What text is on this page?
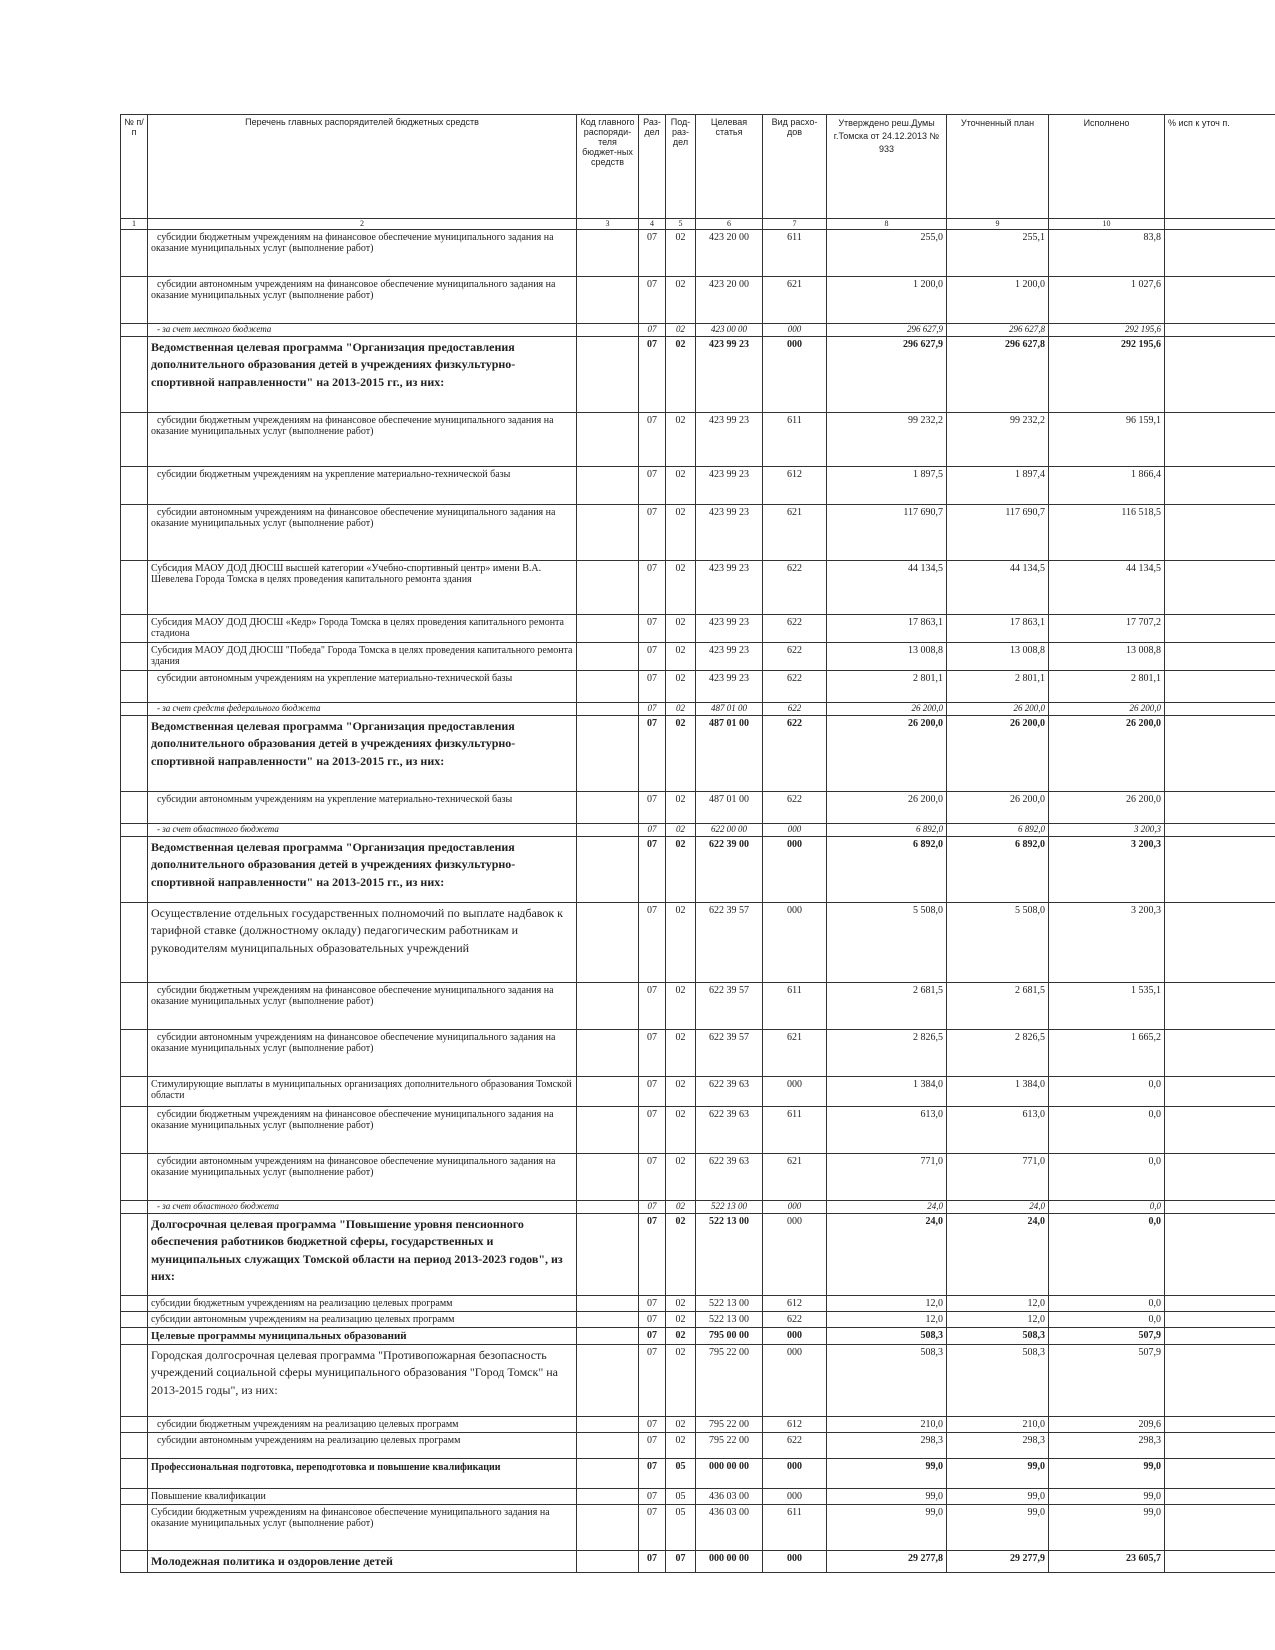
№ п/п	Перечень главных распорядителей бюджетных средств	Код главного распоряди-теля бюджет-ных средств	Раз-дел	Под-раз-дел	Целевая статья	Вид расхо-дов	Утверждено реш.Думы г.Томска от 24.12.2013 № 933	Уточненный план	Исполнено	% исп к уточ п.
1	2	3	4	5	6	7	8	9	10	
	субсидии бюджетным учреждениям на финансовое обеспечение муниципального задания на оказание муниципальных услуг (выполнение работ)		07	02	423 20 00	611	255,0	255,1	83,8	
	субсидии автономным учреждениям на финансовое обеспечение муниципального задания на оказание муниципальных услуг (выполнение работ)		07	02	423 20 00	621	1 200,0	1 200,0	1 027,6	
	- за счет местного бюджета		07	02	423 00 00	000	296 627,9	296 627,8	292 195,6	
	Ведомственная целевая программа "Организация предоставления дополнительного образования детей в учреждениях физкультурно-спортивной направленности" на 2013-2015 гг., из них:		07	02	423 99 23	000	296 627,9	296 627,8	292 195,6	
	субсидии бюджетным учреждениям на финансовое обеспечение муниципального задания на оказание муниципальных услуг (выполнение работ)		07	02	423 99 23	611	99 232,2	99 232,2	96 159,1	
	субсидии бюджетным учреждениям на укрепление материально-технической базы		07	02	423 99 23	612	1 897,5	1 897,4	1 866,4	
	субсидии автономным учреждениям на финансовое обеспечение муниципального задания на оказание муниципальных услуг (выполнение работ)		07	02	423 99 23	621	117 690,7	117 690,7	116 518,5	
	Субсидия МАОУ ДОД ДЮСШ высшей категории «Учебно-спортивный центр» имени В.А. Шевелева Города Томска в целях проведения капитального ремонта здания		07	02	423 99 23	622	44 134,5	44 134,5	44 134,5	
	Субсидия МАОУ ДОД ДЮСШ «Кедр» Города Томска в целях проведения капитального ремонта стадиона		07	02	423 99 23	622	17 863,1	17 863,1	17 707,2	
	Субсидия МАОУ ДОД ДЮСШ "Победа" Города Томска в целях проведения капитального ремонта здания		07	02	423 99 23	622	13 008,8	13 008,8	13 008,8	
	субсидии автономным учреждениям на укрепление материально-технической базы		07	02	423 99 23	622	2 801,1	2 801,1	2 801,1	
	- за счет средств федерального бюджета		07	02	487 01 00	622	26 200,0	26 200,0	26 200,0	
	Ведомственная целевая программа "Организация предоставления дополнительного образования детей в учреждениях физкультурно-спортивной направленности" на 2013-2015 гг., из них:		07	02	487 01 00	622	26 200,0	26 200,0	26 200,0	
	субсидии автономным учреждениям на укрепление материально-технической базы		07	02	487 01 00	622	26 200,0	26 200,0	26 200,0	
	- за счет областного бюджета		07	02	622 00 00	000	6 892,0	6 892,0	3 200,3	
	Ведомственная целевая программа "Организация предоставления дополнительного образования детей в учреждениях физкультурно-спортивной направленности" на 2013-2015 гг., из них:		07	02	622 39 00	000	6 892,0	6 892,0	3 200,3	
	Осуществление отдельных государственных полномочий по выплате надбавок к тарифной ставке (должностному окладу) педагогическим работникам и руководителям муниципальных образовательных учреждений		07	02	622 39 57	000	5 508,0	5 508,0	3 200,3	
	субсидии бюджетным учреждениям на финансовое обеспечение муниципального задания на оказание муниципальных услуг (выполнение работ)		07	02	622 39 57	611	2 681,5	2 681,5	1 535,1	
	субсидии автономным учреждениям на финансовое обеспечение муниципального задания на оказание муниципальных услуг (выполнение работ)		07	02	622 39 57	621	2 826,5	2 826,5	1 665,2	
	Стимулирующие выплаты в муниципальных организациях дополнительного образования Томской области		07	02	622 39 63	000	1 384,0	1 384,0	0,0	
	субсидии бюджетным учреждениям на финансовое обеспечение муниципального задания на оказание муниципальных услуг (выполнение работ)		07	02	622 39 63	611	613,0	613,0	0,0	
	субсидии автономным учреждениям на финансовое обеспечение муниципального задания на оказание муниципальных услуг (выполнение работ)		07	02	622 39 63	621	771,0	771,0	0,0	
	- за счет областного бюджета		07	02	522 13 00	000	24,0	24,0	0,0	
	Долгосрочная целевая программа "Повышение уровня пенсионного обеспечения работников бюджетной сферы, государственных и муниципальных служащих Томской области на период 2013-2023 годов", из них:		07	02	522 13 00	000	24,0	24,0	0,0	
	субсидии бюджетным учреждениям на реализацию целевых программ		07	02	522 13 00	612	12,0	12,0	0,0	
	субсидии автономным учреждениям на реализацию целевых программ		07	02	522 13 00	622	12,0	12,0	0,0	
	Целевые программы муниципальных образований		07	02	795 00 00	000	508,3	508,3	507,9	
	Городская долгосрочная целевая программа "Противопожарная безопасность учреждений социальной сферы муниципального образования "Город Томск" на 2013-2015 годы", из них:		07	02	795 22 00	000	508,3	508,3	507,9	
	субсидии бюджетным учреждениям на реализацию целевых программ		07	02	795 22 00	612	210,0	210,0	209,6	
	субсидии автономным учреждениям на реализацию целевых программ		07	02	795 22 00	622	298,3	298,3	298,3	
	Профессиональная подготовка, переподготовка и повышение квалификации		07	05	000 00 00	000	99,0	99,0	99,0	
	Повышение квалификации		07	05	436 03 00	000	99,0	99,0	99,0	
	Субсидии бюджетным учреждениям на финансовое обеспечение муниципального задания на оказание муниципальных услуг (выполнение работ)		07	05	436 03 00	611	99,0	99,0	99,0	
	Молодежная политика и оздоровление детей		07	07	000 00 00	000	29 277,8	29 277,9	23 605,7	
